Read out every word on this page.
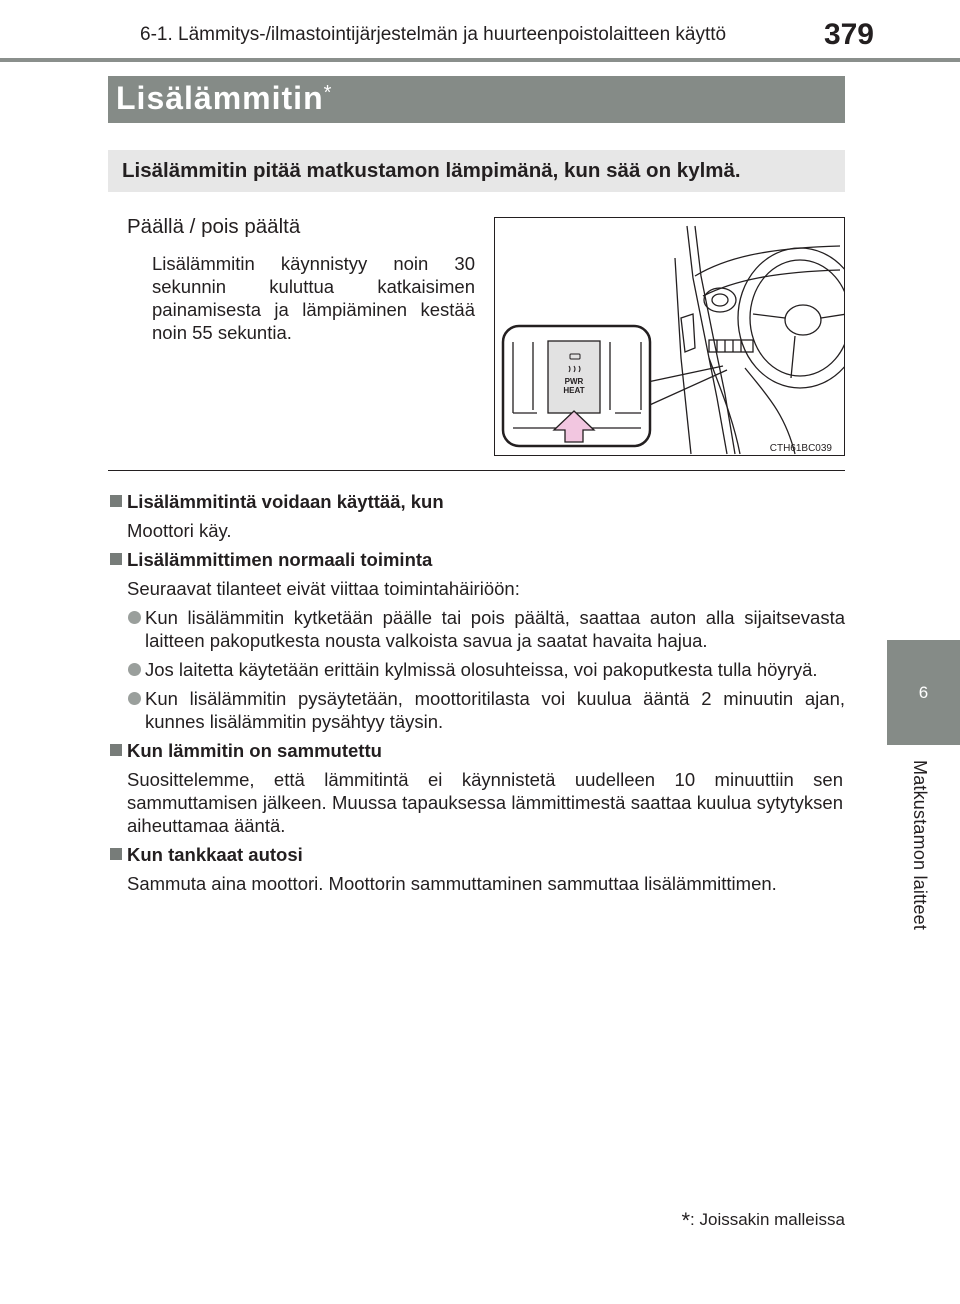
6-1. Lämmitys-/ilmastointijärjestelmän ja huurteenpoistolaitteen käyttö	379
6
Matkustamon laitteet
Lisälämmitin*
Lisälämmitin pitää matkustamon lämpimänä, kun sää on kylmä.
Päällä / pois päältä
Lisälämmitin käynnistyy noin 30 sekunnin kuluttua katkaisimen painamisesta ja lämpiäminen kestää noin 55 sekuntia.
PWR
HEAT
CTH61BC039
Lisälämmitintä voidaan käyttää, kun
Moottori käy.
Lisälämmittimen normaali toiminta
Seuraavat tilanteet eivät viittaa toimintahäiriöön:
Kun lisälämmitin kytketään päälle tai pois päältä, saattaa auton alla sijaitsevasta laitteen pakoputkesta nousta valkoista savua ja saatat havaita hajua.
Jos laitetta käytetään erittäin kylmissä olosuhteissa, voi pakoputkesta tulla höyryä.
Kun lisälämmitin pysäytetään, moottoritilasta voi kuulua ääntä 2 minuutin ajan, kunnes lisälämmitin pysähtyy täysin.
Kun lämmitin on sammutettu
Suosittelemme, että lämmitintä ei käynnistetä uudelleen 10 minuuttiin sen sammuttamisen jälkeen. Muussa tapauksessa lämmittimestä saattaa kuulua sytytyksen aiheuttamaa ääntä.
Kun tankkaat autosi
Sammuta aina moottori. Moottorin sammuttaminen sammuttaa lisälämmittimen.
*: Joissakin malleissa
